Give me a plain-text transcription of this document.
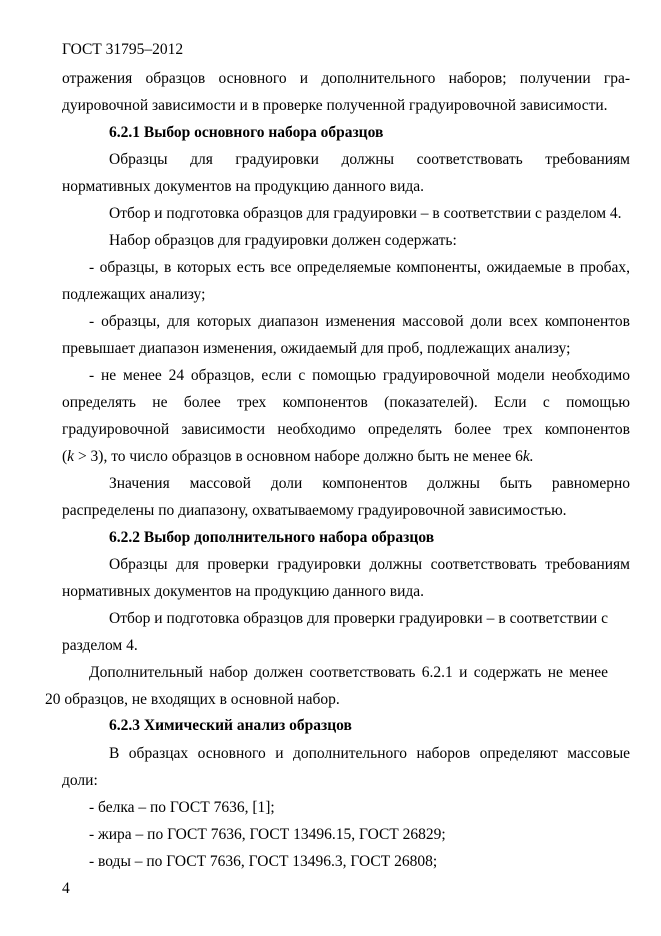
ГОСТ 31795–2012
отражения образцов основного и дополнительного наборов; получении гра-
дуировочной зависимости и в проверке полученной градуировочной зависимости.
6.2.1 Выбор основного набора образцов
Образцы для градуировки должны соответствовать требованиям
нормативных документов на продукцию данного вида.
Отбор и подготовка образцов для градуировки – в соответствии с разделом 4.
Набор образцов для градуировки должен содержать:
- образцы, в которых есть все определяемые компоненты, ожидаемые в пробах,
подлежащих анализу;
- образцы, для которых диапазон изменения массовой доли всех компонентов
превышает диапазон изменения, ожидаемый для проб, подлежащих анализу;
- не менее 24 образцов, если с помощью градуировочной модели необходимо
определять не более трех компонентов (показателей). Если с помощью
градуировочной зависимости необходимо определять более трех компонентов
(k > 3), то число образцов в основном наборе должно быть не менее 6k.
Значения массовой доли компонентов должны быть равномерно
распределены по диапазону, охватываемому градуировочной зависимостью.
6.2.2 Выбор дополнительного набора образцов
Образцы для проверки градуировки должны соответствовать требованиям
нормативных документов на продукцию данного вида.
Отбор и подготовка образцов для проверки градуировки – в соответствии с
разделом 4.
Дополнительный набор должен соответствовать 6.2.1 и содержать не менее
20 образцов, не входящих в основной набор.
6.2.3 Химический анализ образцов
В образцах основного и дополнительного наборов определяют массовые
доли:
- белка – по ГОСТ 7636, [1];
- жира – по ГОСТ 7636, ГОСТ 13496.15, ГОСТ 26829;
- воды – по ГОСТ 7636, ГОСТ 13496.3, ГОСТ 26808;
4
